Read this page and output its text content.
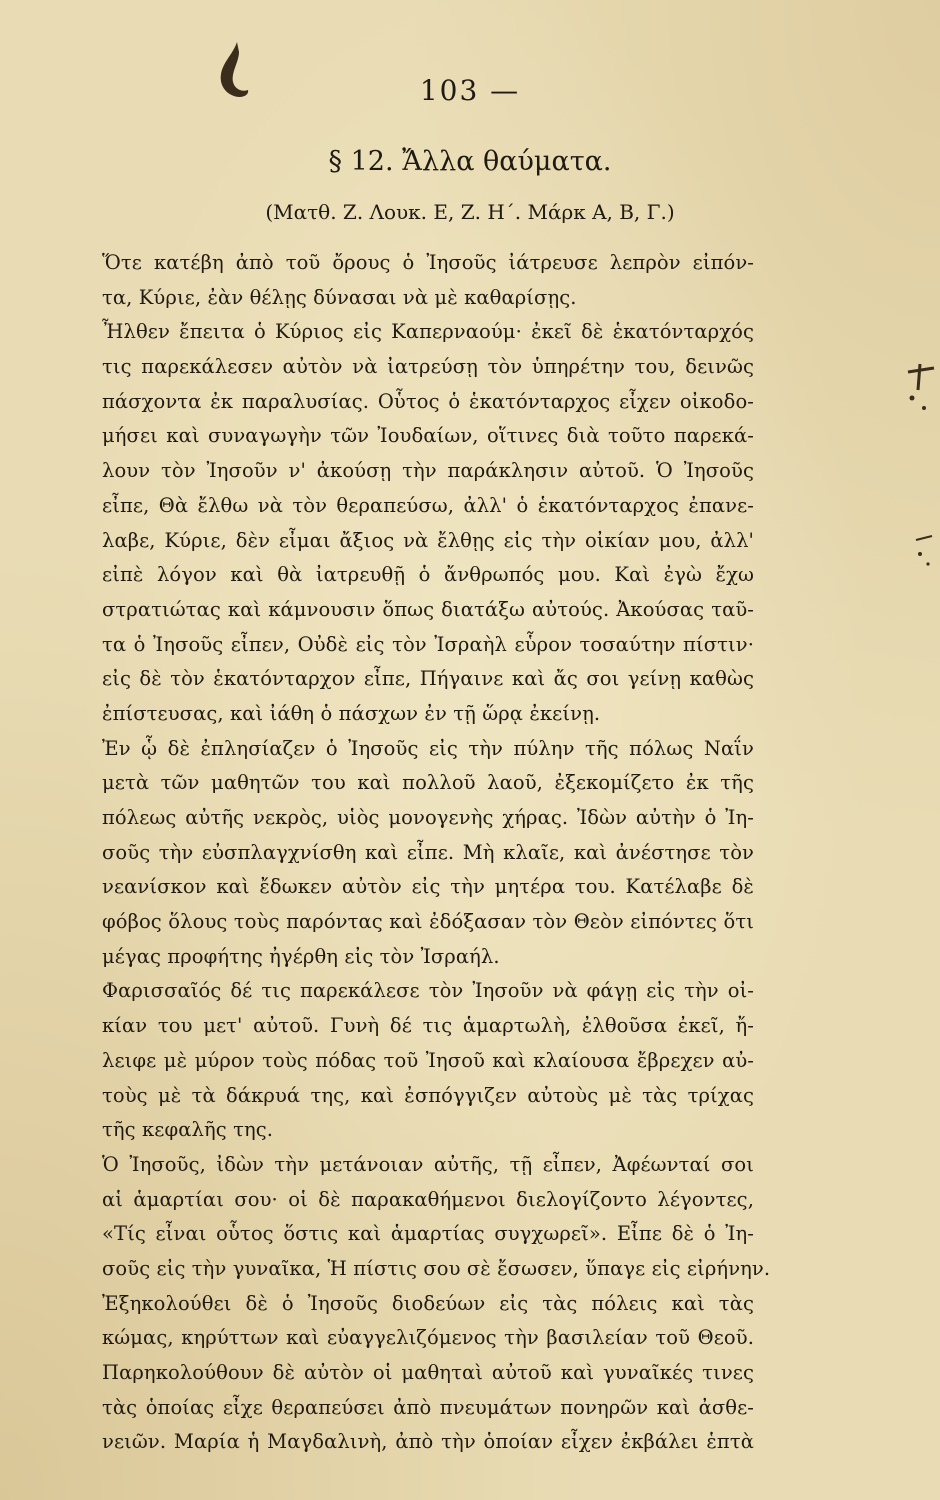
103 —
§ 12. Ἄλλα θαύματα.
(Ματθ. Ζ. Λουκ. Ε, Ζ. Η΄. Μάρκ Α, Β, Γ.)
Ὅτε κατέβη ἀπὸ τοῦ ὄρους ὁ Ἰησοῦς ἰάτρευσε λεπρὸν εἰπόν-
τα, Κύριε, ἐὰν θέλῃς δύνασαι νὰ μὲ καθαρίσῃς.
Ἦλθεν ἔπειτα ὁ Κύριος εἰς Καπερναούμ· ἐκεῖ δὲ ἑκατόνταρχός
τις παρεκάλεσεν αὐτὸν νὰ ἰατρεύσῃ τὸν ὑπηρέτην του, δεινῶς
πάσχοντα ἐκ παραλυσίας. Οὗτος ὁ ἑκατόνταρχος εἶχεν οἰκοδο-
μήσει καὶ συναγωγὴν τῶν Ἰουδαίων, οἵτινες διὰ τοῦτο παρεκά-
λουν τὸν Ἰησοῦν ν' ἀκούσῃ τὴν παράκλησιν αὐτοῦ. Ὁ Ἰησοῦς
εἶπε, Θὰ ἔλθω νὰ τὸν θεραπεύσω, ἀλλ' ὁ ἑκατόνταρχος ἐπανε-
λαβε, Κύριε, δὲν εἶμαι ἄξιος νὰ ἔλθῃς εἰς τὴν οἰκίαν μου, ἀλλ'
εἰπὲ λόγον καὶ θὰ ἰατρευθῇ ὁ ἄνθρωπός μου. Καὶ ἐγὼ ἔχω
στρατιώτας καὶ κάμνουσιν ὅπως διατάξω αὐτούς. Ἀκούσας ταῦ-
τα ὁ Ἰησοῦς εἶπεν, Οὐδὲ εἰς τὸν Ἰσραὴλ εὗρον τοσαύτην πίστιν·
εἰς δὲ τὸν ἑκατόνταρχον εἶπε, Πήγαινε καὶ ἄς σοι γείνῃ καθὼς
ἐπίστευσας, καὶ ἰάθη ὁ πάσχων ἐν τῇ ὥρᾳ ἐκείνῃ.
Ἐν ᾧ δὲ ἐπλησίαζεν ὁ Ἰησοῦς εἰς τὴν πύλην τῆς πόλως Ναΐν
μετὰ τῶν μαθητῶν του καὶ πολλοῦ λαοῦ, ἐξεκομίζετο ἐκ τῆς
πόλεως αὐτῆς νεκρὸς, υἱὸς μονογενὴς χήρας. Ἰδὼν αὐτὴν ὁ Ἰη-
σοῦς τὴν εὐσπλαγχνίσθη καὶ εἶπε. Μὴ κλαῖε, καὶ ἀνέστησε τὸν
νεανίσκον καὶ ἔδωκεν αὐτὸν εἰς τὴν μητέρα του. Κατέλαβε δὲ
φόβος ὅλους τοὺς παρόντας καὶ ἐδόξασαν τὸν Θεὸν εἰπόντες ὅτι
μέγας προφήτης ἠγέρθη εἰς τὸν Ἰσραήλ.
Φαρισσαῖός δέ τις παρεκάλεσε τὸν Ἰησοῦν νὰ φάγῃ εἰς τὴν οἰ-
κίαν του μετ' αὐτοῦ. Γυνὴ δέ τις ἁμαρτωλὴ, ἐλθοῦσα ἐκεῖ, ἤ-
λειφε μὲ μύρον τοὺς πόδας τοῦ Ἰησοῦ καὶ κλαίουσα ἔβρεχεν αὐ-
τοὺς μὲ τὰ δάκρυά της, καὶ ἐσπόγγιζεν αὐτοὺς μὲ τὰς τρίχας
τῆς κεφαλῆς της.
Ὁ Ἰησοῦς, ἰδὼν τὴν μετάνοιαν αὐτῆς, τῇ εἶπεν, Ἀφέωνταί σοι
αἱ ἁμαρτίαι σου· οἱ δὲ παρακαθήμενοι διελογίζοντο λέγοντες,
«Τίς εἶναι οὗτος ὅστις καὶ ἁμαρτίας συγχωρεῖ». Εἶπε δὲ ὁ Ἰη-
σοῦς εἰς τὴν γυναῖκα, Ἡ πίστις σου σὲ ἔσωσεν, ὕπαγε εἰς εἰρήνην.
Ἐξηκολούθει δὲ ὁ Ἰησοῦς διοδεύων εἰς τὰς πόλεις καὶ τὰς
κώμας, κηρύττων καὶ εὐαγγελιζόμενος τὴν βασιλείαν τοῦ Θεοῦ.
Παρηκολούθουν δὲ αὐτὸν οἱ μαθηταὶ αὐτοῦ καὶ γυναῖκές τινες
τὰς ὁποίας εἶχε θεραπεύσει ἀπὸ πνευμάτων πονηρῶν καὶ ἀσθε-
νειῶν. Μαρία ἡ Μαγδαλινὴ, ἀπὸ τὴν ὁποίαν εἶχεν ἐκβάλει ἑπτὰ
